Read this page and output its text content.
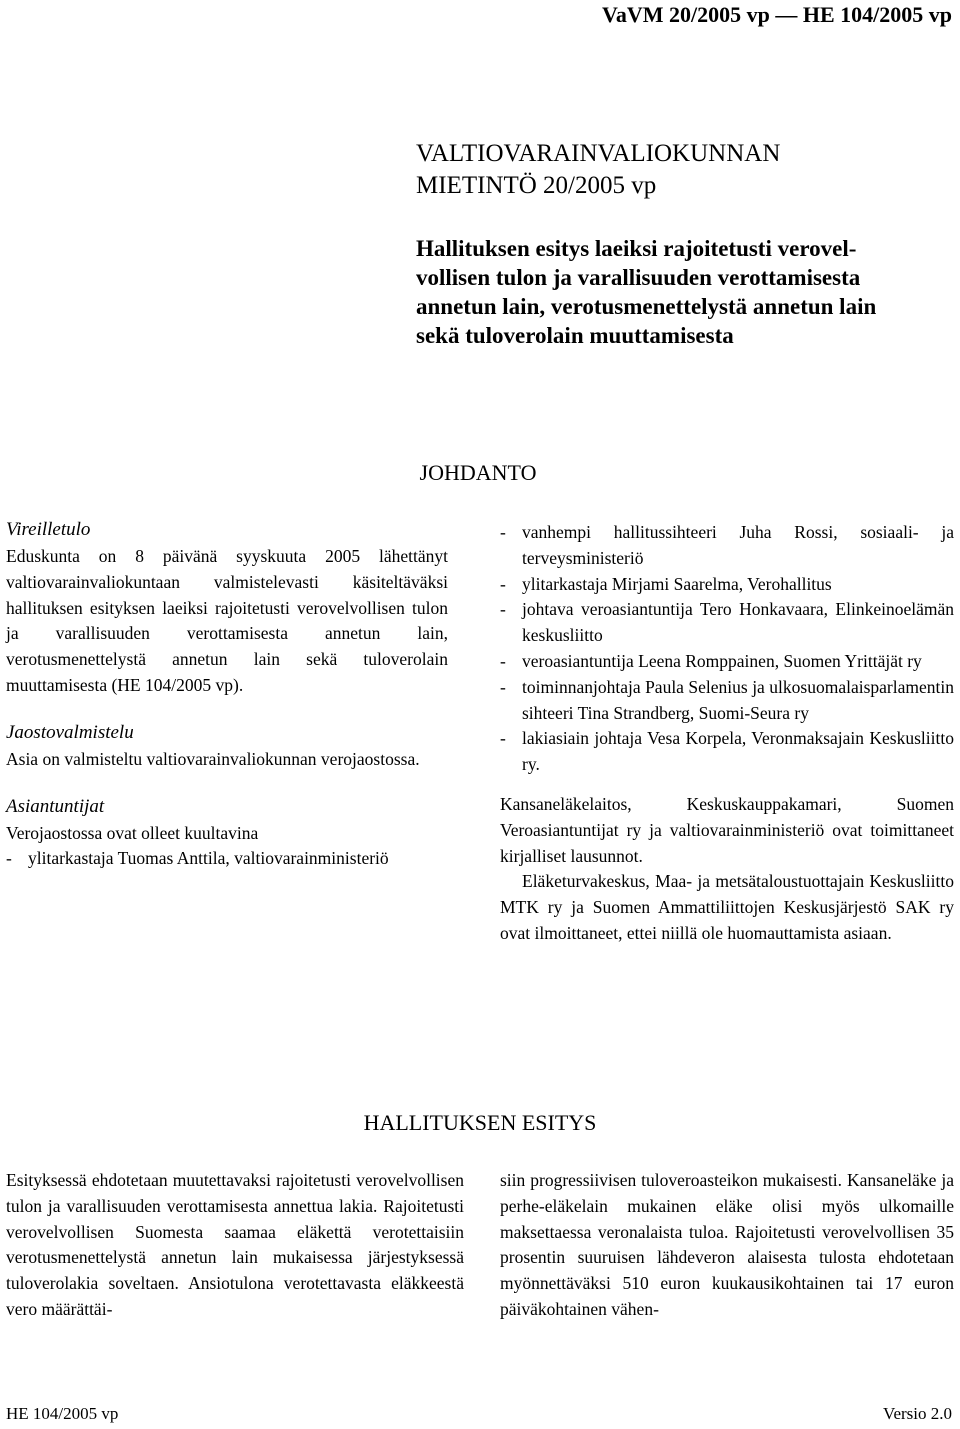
VaVM 20/2005 vp — HE 104/2005 vp
VALTIOVARAINVALIOKUNNAN
MIETINTÖ 20/2005 vp
Hallituksen esitys laeiksi rajoitetusti verovel-
vollisen tulon ja varallisuuden verottamisesta
annetun lain, verotusmenettelystä annetun lain
sekä tuloverolain muuttamisesta
JOHDANTO
Vireilletulo

Eduskunta on 8 päivänä syyskuuta 2005 lähettänyt valtiovarainvaliokuntaan valmistelevasti käsiteltäväksi hallituksen esityksen laeiksi rajoitetusti verovelvollisen tulon ja varallisuuden verottamisesta annetun lain, verotusmenettelystä annetun lain sekä tuloverolain muuttamisesta (HE 104/2005 vp).

Jaostovalmistelu

Asia on valmisteltu valtiovarainvaliokunnan verojaostossa.

Asiantuntijat

Verojaostossa ovat olleet kuultavina

- ylitarkastaja Tuomas Anttila, valtiovarainministeriö

- vanhempi hallitussihteeri Juha Rossi, sosiaali- ja terveysministeriö

- ylitarkastaja Mirjami Saarelma, Verohallitus

- johtava veroasiantuntija Tero Honkavaara, Elinkeinoelämän keskusliitto

- veroasiantuntija Leena Romppainen, Suomen Yrittäjät ry

- toiminnanjohtaja Paula Selenius ja ulkosuomalaisparlamentin sihteeri Tina Strandberg, Suomi-Seura ry

- lakiasiain johtaja Vesa Korpela, Veronmaksajain Keskusliitto ry.

Kansaneläkelaitos, Keskuskauppakamari, Suomen Veroasiantuntijat ry ja valtiovarainministeriö ovat toimittaneet kirjalliset lausunnot.

Eläketurvakeskus, Maa- ja metsätaloustuottajain Keskusliitto MTK ry ja Suomen Ammattiliittojen Keskusjärjestö SAK ry ovat ilmoittaneet, ettei niillä ole huomauttamista asiaan.

HALLITUKSEN ESITYS

Esityksessä ehdotetaan muutettavaksi rajoitetusti verovelvollisen tulon ja varallisuuden verottamisesta annettua lakia. Rajoitetusti verovelvollisen Suomesta saamaa eläkettä verotettaisiin verotusmenettelystä annetun lain mukaisessa järjestyksessä tuloverolakia soveltaen. Ansiotulona verotettavasta eläkkeestä vero määrättäi-

siin progressiivisen tuloveroasteikon mukaisesti. Kansaneläke ja perhe-eläkelain mukainen eläke olisi myös ulkomaille maksettaessa veronalaista tuloa. Rajoitetusti verovelvollisen 35 prosentin suuruisen lähdeveron alaisesta tulosta ehdotetaan myönnettäväksi 510 euron kuukausikohtainen tai 17 euron päiväkohtainen vähen-

HE 104/2005 vp	Versio 2.0
